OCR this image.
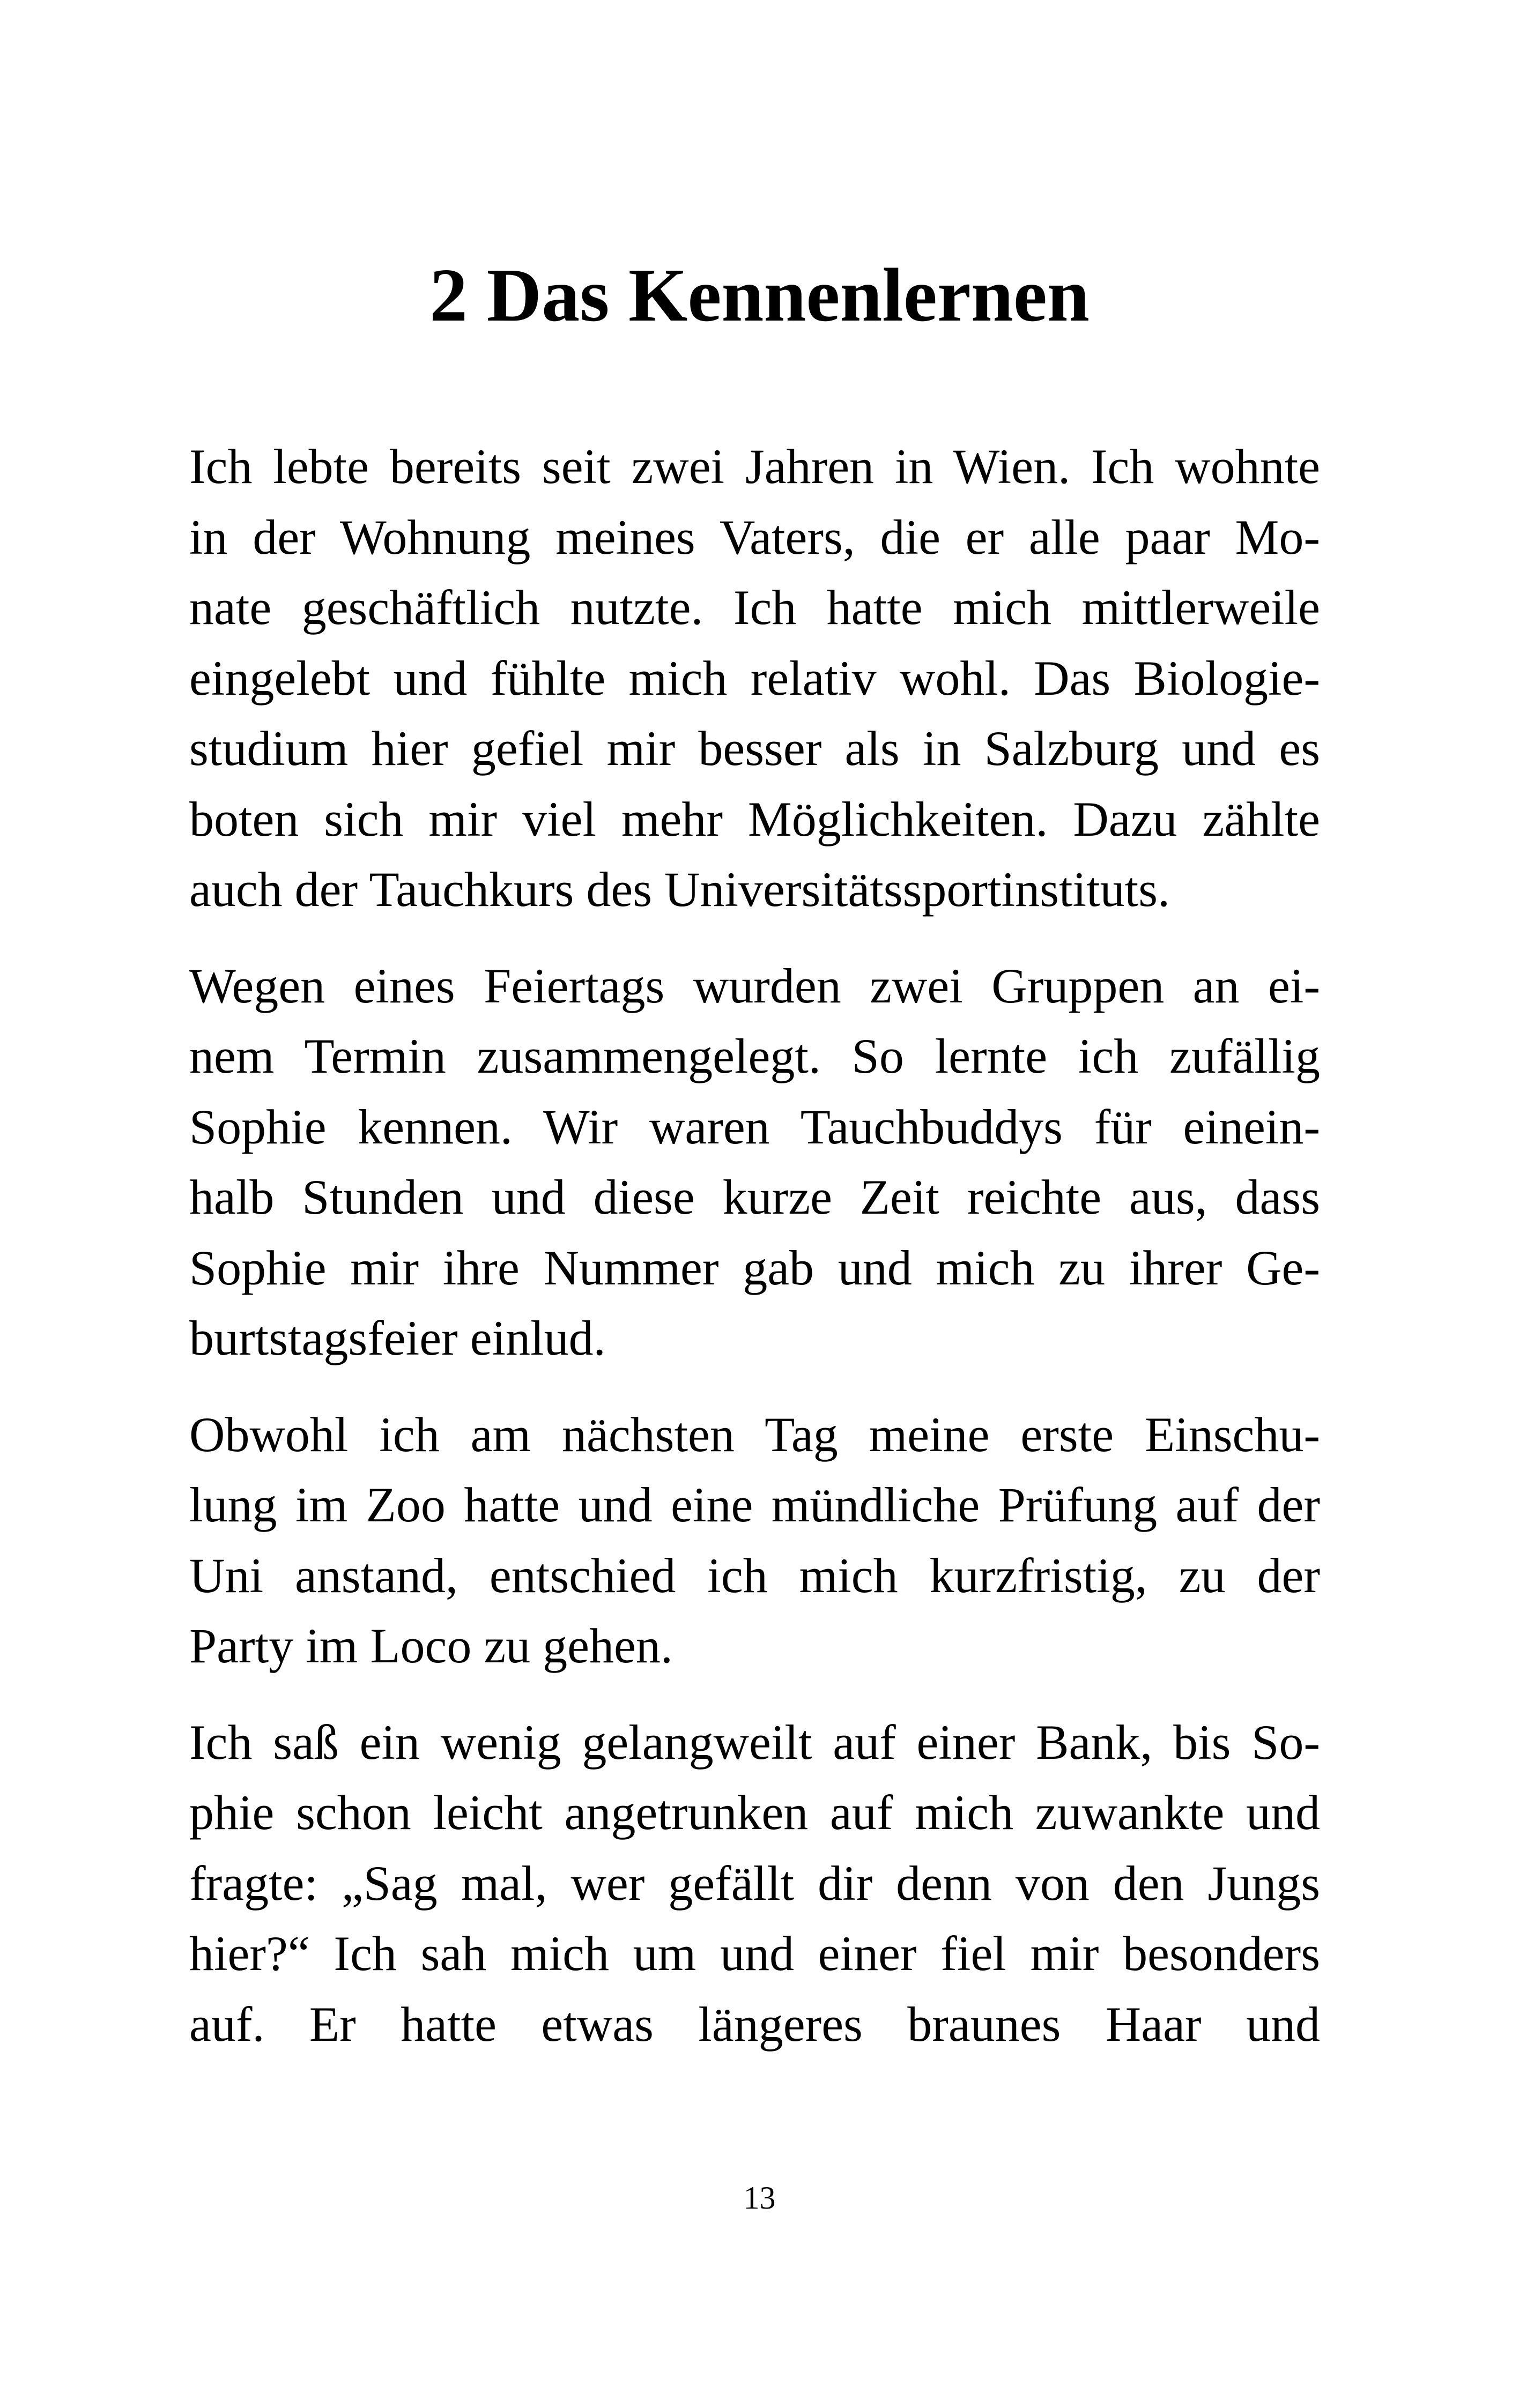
2 Das Kennenlernen

Ich lebte bereits seit zwei Jahren in Wien. Ich wohnte
in der Wohnung meines Vaters, die er alle paar Mo-
nate geschäftlich nutzte. Ich hatte mich mittlerweile
eingelebt und fühlte mich relativ wohl. Das Biologie-
studium hier gefiel mir besser als in Salzburg und es
boten sich mir viel mehr Möglichkeiten. Dazu zählte
auch der Tauchkurs des Universitätssportinstituts.

Wegen eines Feiertags wurden zwei Gruppen an ei-
nem Termin zusammengelegt. So lernte ich zufällig
Sophie kennen. Wir waren Tauchbuddys für einein-
halb Stunden und diese kurze Zeit reichte aus, dass
Sophie mir ihre Nummer gab und mich zu ihrer Ge-
burtstagsfeier einlud.

Obwohl ich am nächsten Tag meine erste Einschu-
lung im Zoo hatte und eine mündliche Prüfung auf der
Uni anstand, entschied ich mich kurzfristig, zu der
Party im Loco zu gehen.

Ich saß ein wenig gelangweilt auf einer Bank, bis So-
phie schon leicht angetrunken auf mich zuwankte und
fragte: „Sag mal, wer gefällt dir denn von den Jungs
hier?“ Ich sah mich um und einer fiel mir besonders
auf. Er hatte etwas längeres braunes Haar und

13
